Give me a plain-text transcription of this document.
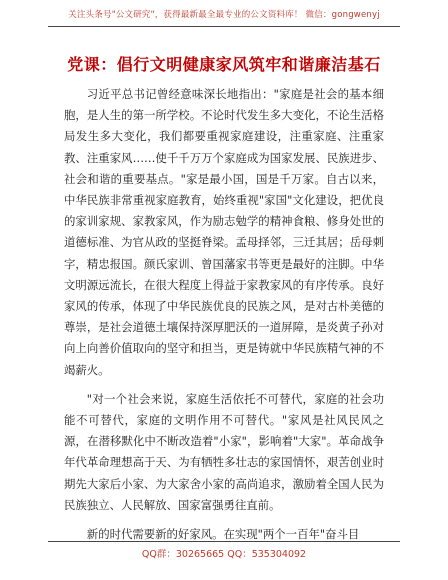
关注头条号"公文研究"，获得最新最全最专业的公文资料库！ 微信：gongwenyj
党课：倡行文明健康家风筑牢和谐廉洁基石

习近平总书记曾经意味深长地指出："家庭是社会的基本细胞，是人生的第一所学校。不论时代发生多大变化，不论生活格局发生多大变化，我们都要重视家庭建设，注重家庭、注重家教、注重家风……使千千万万个家庭成为国家发展、民族进步、社会和谐的重要基点。"家是最小国，国是千万家。自古以来，中华民族非常重视家庭教育，始终重视"家国"文化建设，把优良的家训家规、家教家风，作为励志勉学的精神食粮、修身处世的道德标准、为官从政的坚挺脊梁。孟母择邻，三迁其居；岳母刺字，精忠报国。颜氏家训、曾国藩家书等更是最好的注脚。中华文明源远流长，在很大程度上得益于家教家风的有序传承。良好家风的传承，体现了中华民族优良的民族之风，是对古朴美德的尊崇，是社会道德土壤保持深厚肥沃的一道屏障，是炎黄子孙对向上向善价值取向的坚守和担当，更是铸就中华民族精气神的不竭薪火。

"对一个社会来说，家庭生活依托不可替代，家庭的社会功能不可替代，家庭的文明作用不可替代。"家风是社风民风之源，在潜移默化中不断改造着"小家"，影响着"大家"。革命战争年代革命理想高于天、为有牺牲多壮志的家国情怀，艰苦创业时期先大家后小家、为大家舍小家的高尚追求，激励着全国人民为民族独立、人民解放、国家富强勇往直前。

新的时代需要新的好家风。在实现"两个一百年"奋斗目

QQ群：30265665 QQ：535304092
